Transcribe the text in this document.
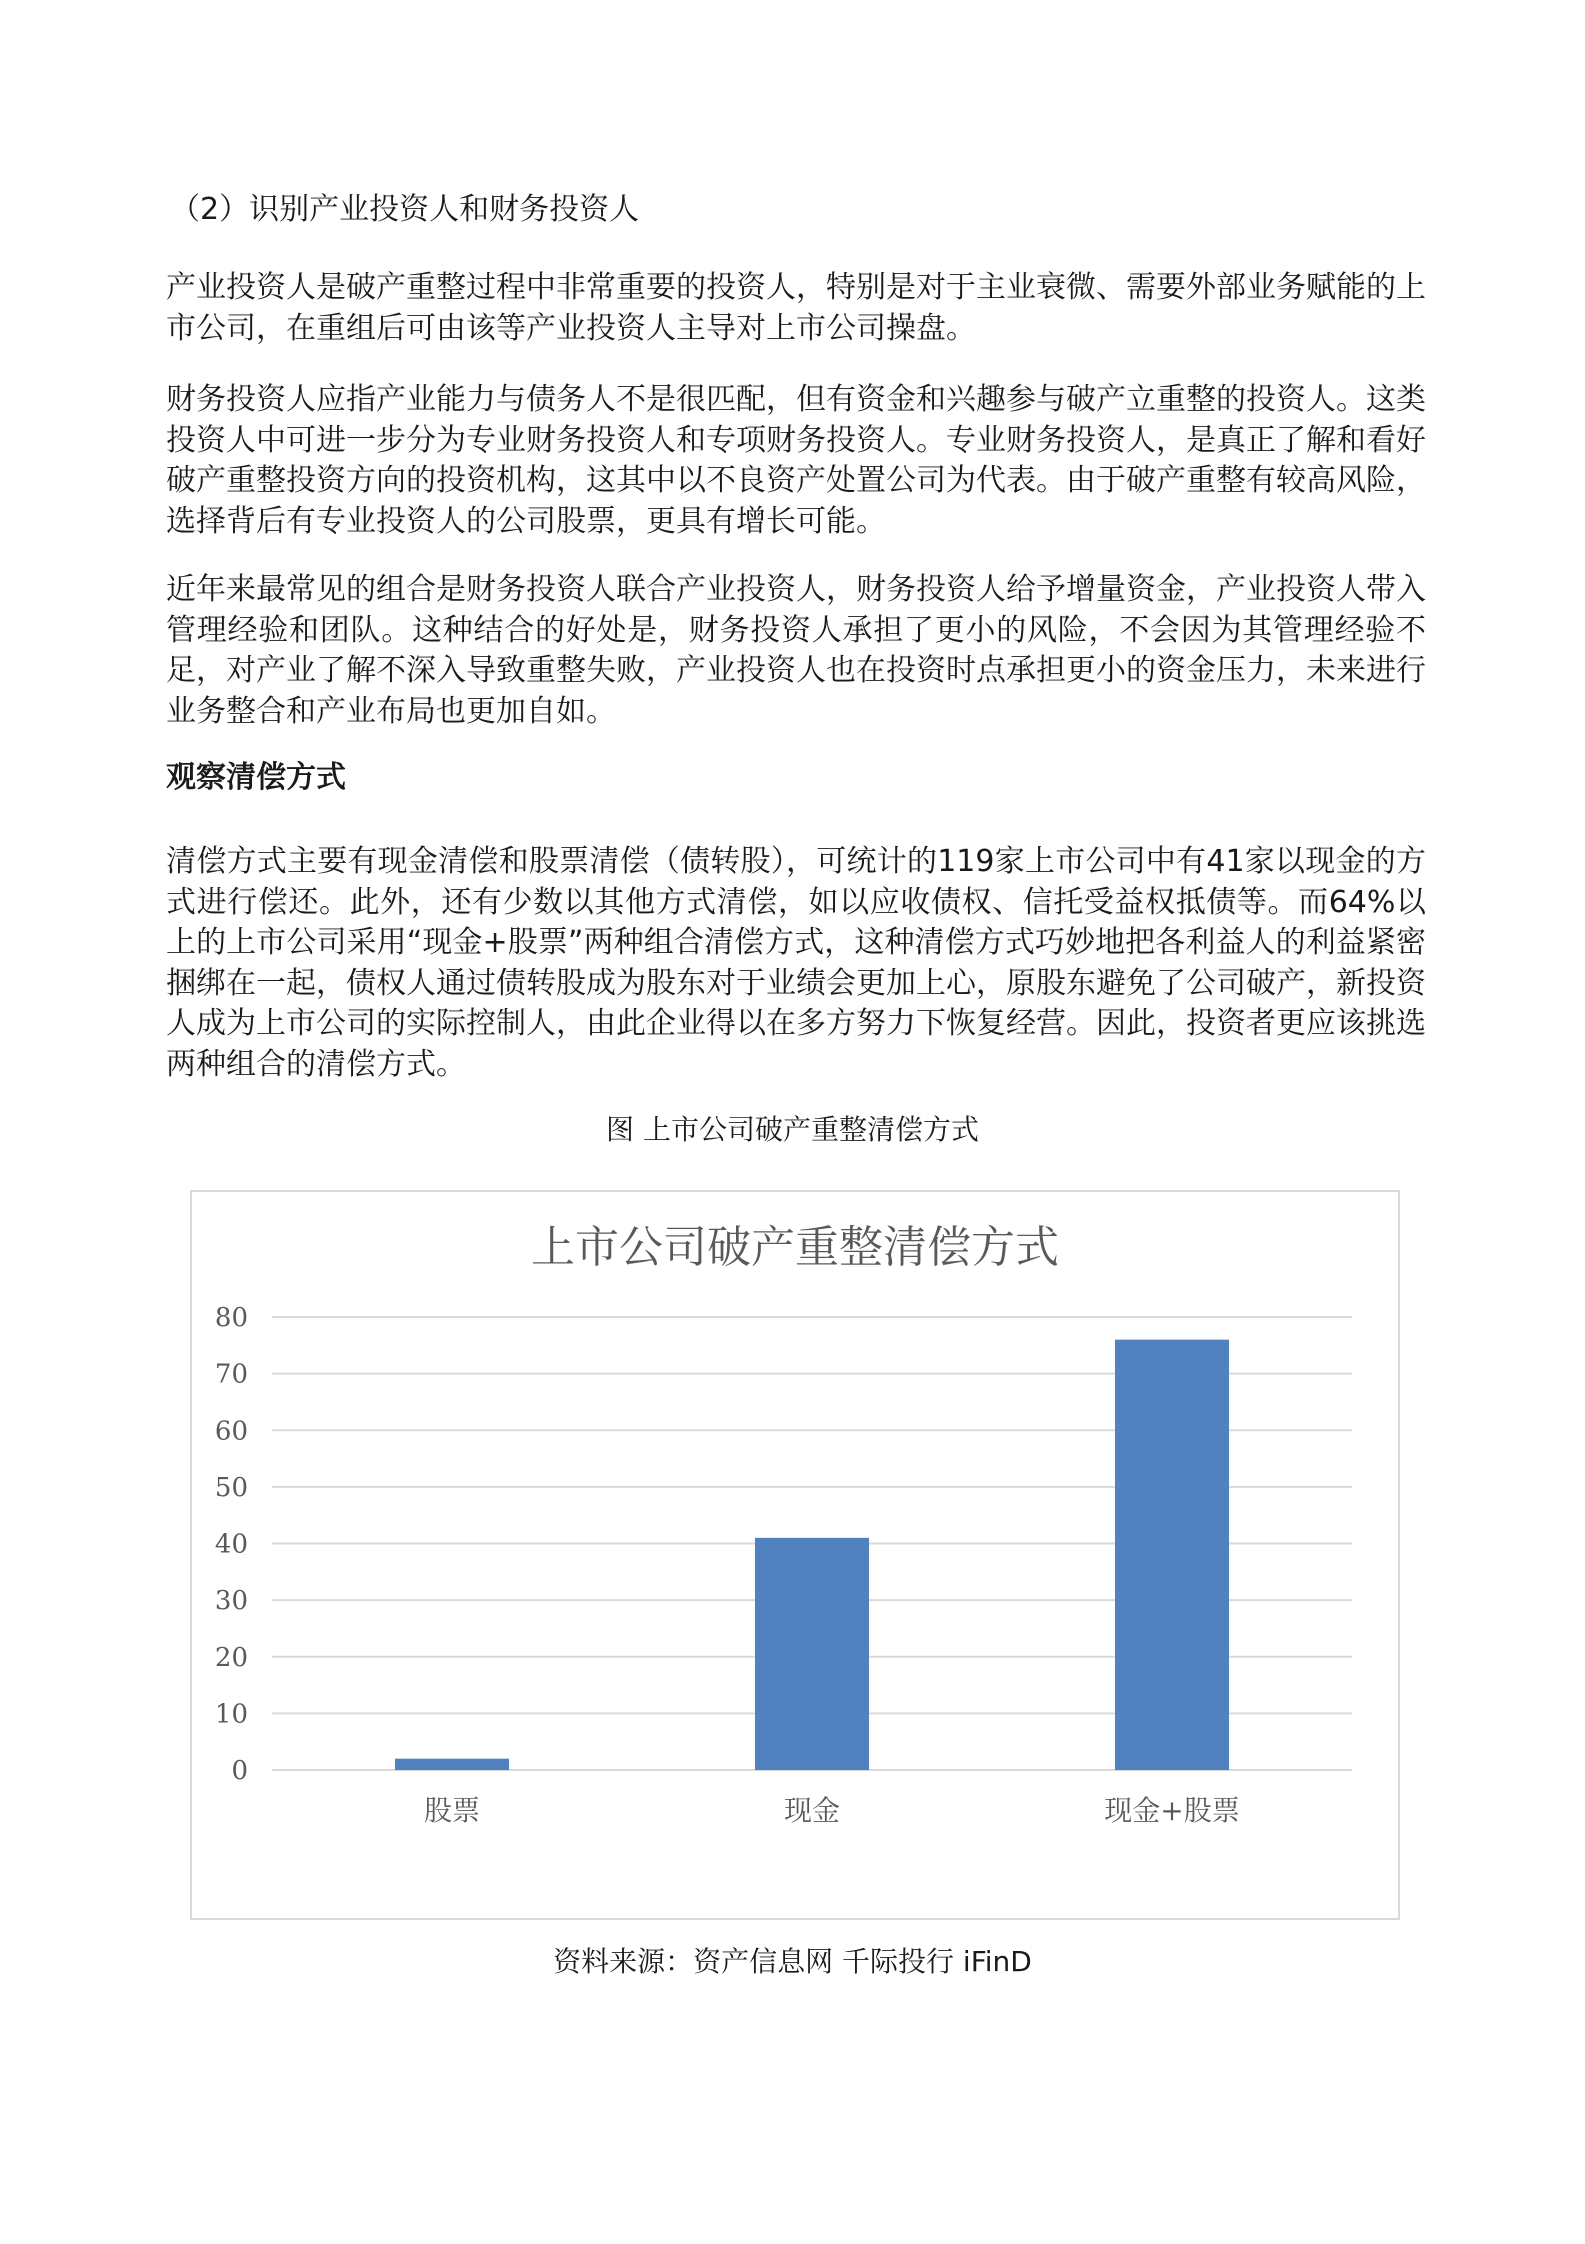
（2）识别产业投资人和财务投资人

产业投资人是破产重整过程中非常重要的投资人，特别是对于主业衰微、需要外部业务赋能的上市公司，在重组后可由该等产业投资人主导对上市公司操盘。

财务投资人应指产业能力与债务人不是很匹配，但有资金和兴趣参与破产立重整的投资人。这类投资人中可进一步分为专业财务投资人和专项财务投资人。专业财务投资人，是真正了解和看好破产重整投资方向的投资机构，这其中以不良资产处置公司为代表。由于破产重整有较高风险，选择背后有专业投资人的公司股票，更具有增长可能。

近年来最常见的组合是财务投资人联合产业投资人，财务投资人给予增量资金，产业投资人带入管理经验和团队。这种结合的好处是，财务投资人承担了更小的风险，不会因为其管理经验不足，对产业了解不深入导致重整失败，产业投资人也在投资时点承担更小的资金压力，未来进行业务整合和产业布局也更加自如。

观察清偿方式

清偿方式主要有现金清偿和股票清偿（债转股），可统计的119家上市公司中有41家以现金的方式进行偿还。此外，还有少数以其他方式清偿，如以应收债权、信托受益权抵债等。而64%以上的上市公司采用“现金+股票”两种组合清偿方式，这种清偿方式巧妙地把各利益人的利益紧密捆绑在一起，债权人通过债转股成为股东对于业绩会更加上心，原股东避免了公司破产，新投资人成为上市公司的实际控制人，由此企业得以在多方努力下恢复经营。因此，投资者更应该挑选两种组合的清偿方式。

图 上市公司破产重整清偿方式
上市公司破产重整清偿方式
0
10
20
30
40
50
60
70
80
股票	现金	现金+股票
资料来源：资产信息网 千际投行 iFinD
